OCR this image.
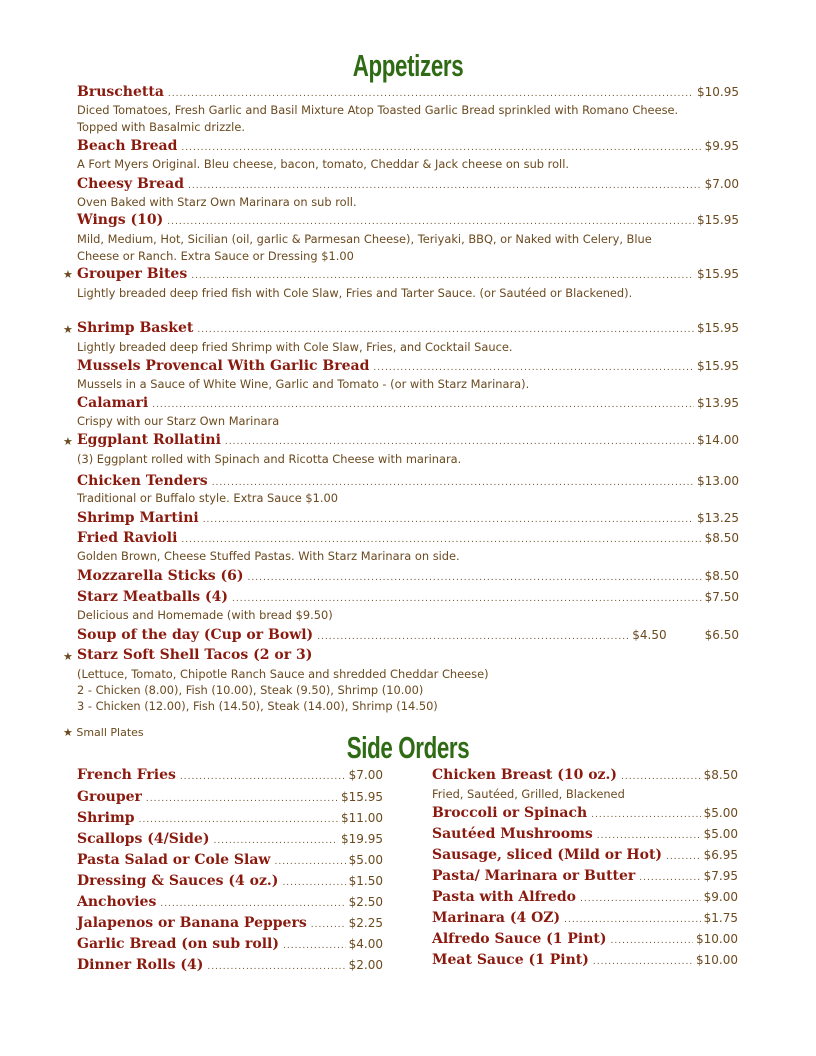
Appetizers
Bruschetta .....	$10.95
Diced Tomatoes, Fresh Garlic and Basil Mixture Atop Toasted Garlic Bread sprinkled with Romano Cheese. Topped with Basalmic drizzle.
Beach Bread .....	$9.95
A Fort Myers Original. Bleu cheese, bacon, tomato, Cheddar & Jack cheese on sub roll.
Cheesy Bread .....	$7.00
Oven Baked with Starz Own Marinara on sub roll.
Wings (10) .....	$15.95
Mild, Medium, Hot, Sicilian (oil, garlic & Parmesan Cheese), Teriyaki, BBQ, or Naked with Celery, Blue Cheese or Ranch. Extra Sauce or Dressing $1.00
★ Grouper Bites .....	$15.95
Lightly breaded deep fried fish with Cole Slaw, Fries and Tarter Sauce. (or Sautéed or Blackened).
★ Shrimp Basket .....	$15.95
Lightly breaded deep fried Shrimp with Cole Slaw, Fries, and Cocktail Sauce.
Mussels Provencal With Garlic Bread .....	$15.95
Mussels in a Sauce of White Wine, Garlic and Tomato - (or with Starz Marinara).
Calamari .....	$13.95
Crispy with our Starz Own Marinara
★ Eggplant Rollatini .....	$14.00
(3) Eggplant rolled with Spinach and Ricotta Cheese with marinara.
Chicken Tenders .....	$13.00
Traditional or Buffalo style. Extra Sauce $1.00
Shrimp Martini .....	$13.25
Fried Ravioli .....	$8.50
Golden Brown, Cheese Stuffed Pastas. With Starz Marinara on side.
Mozzarella Sticks (6) .....	$8.50
Starz Meatballs (4) .....	$7.50
Delicious and Homemade (with bread $9.50)
Soup of the day (Cup or Bowl) .....	$4.50	$6.50
★ Starz Soft Shell Tacos (2 or 3)
(Lettuce, Tomato, Chipotle Ranch Sauce and shredded Cheddar Cheese)
2 - Chicken (8.00), Fish (10.00), Steak (9.50), Shrimp (10.00)
3 - Chicken (12.00), Fish (14.50), Steak (14.00), Shrimp (14.50)
★ Small Plates	Side Orders
French Fries .....	$7.00
Grouper .....	$15.95
Shrimp .....	$11.00
Scallops (4/Side) .....	$19.95
Pasta Salad or Cole Slaw .....	$5.00
Dressing & Sauces (4 oz.) .....	$1.50
Anchovies .....	$2.50
Jalapenos or Banana Peppers .....	$2.25
Garlic Bread (on sub roll) .....	$4.00
Dinner Rolls (4) .....	$2.00
Chicken Breast (10 oz.) .....	$8.50
Fried, Sautéed, Grilled, Blackened
Broccoli or Spinach .....	$5.00
Sautéed Mushrooms .....	$5.00
Sausage, sliced (Mild or Hot) .....	$6.95
Pasta/ Marinara or Butter .....	$7.95
Pasta with Alfredo .....	$9.00
Marinara (4 OZ) .....	$1.75
Alfredo Sauce (1 Pint) .....	$10.00
Meat Sauce (1 Pint) .....	$10.00
